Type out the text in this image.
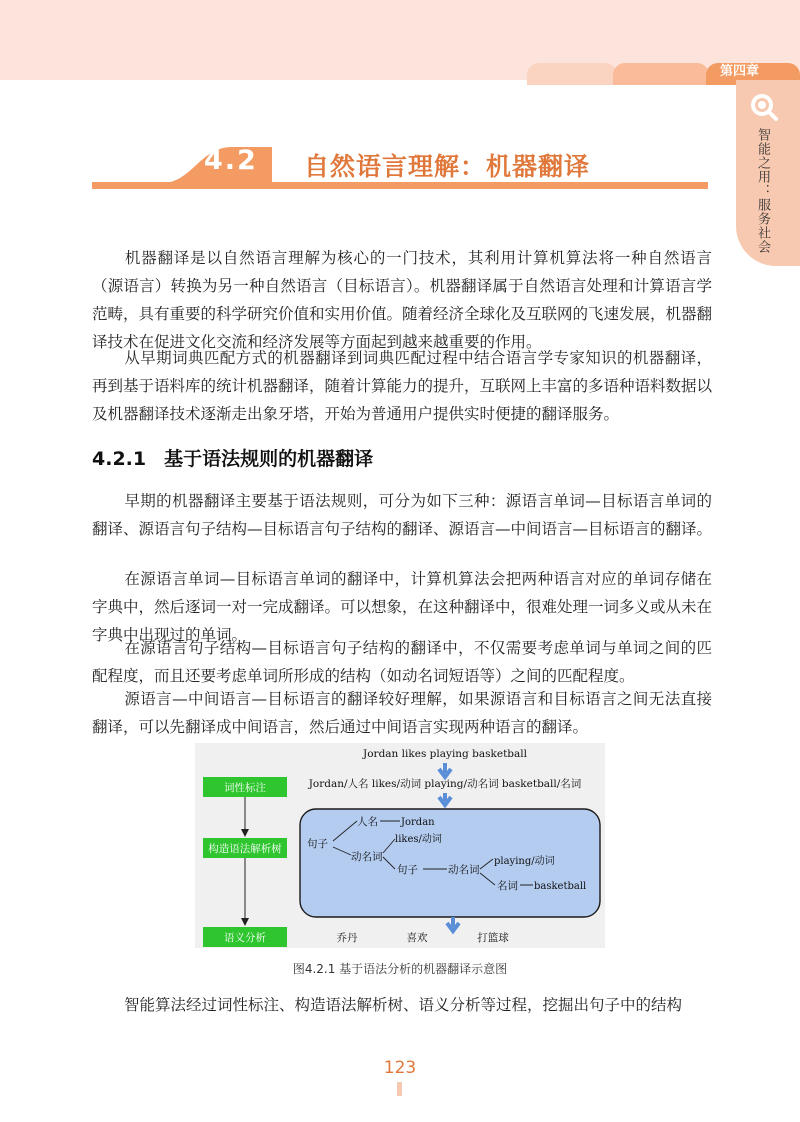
第四章
智能之用：服务社会
4.2 自然语言理解：机器翻译

机器翻译是以自然语言理解为核心的一门技术，其利用计算机算法将一种自然语言（源语言）转换为另一种自然语言（目标语言）。机器翻译属于自然语言处理和计算语言学范畴，具有重要的科学研究价值和实用价值。随着经济全球化及互联网的飞速发展，机器翻译技术在促进文化交流和经济发展等方面起到越来越重要的作用。

从早期词典匹配方式的机器翻译到词典匹配过程中结合语言学专家知识的机器翻译，再到基于语料库的统计机器翻译，随着计算能力的提升，互联网上丰富的多语种语料数据以及机器翻译技术逐渐走出象牙塔，开始为普通用户提供实时便捷的翻译服务。

4.2.1 基于语法规则的机器翻译

早期的机器翻译主要基于语法规则，可分为如下三种：源语言单词—目标语言单词的翻译、源语言句子结构—目标语言句子结构的翻译、源语言—中间语言—目标语言的翻译。

在源语言单词—目标语言单词的翻译中，计算机算法会把两种语言对应的单词存储在字典中，然后逐词一对一完成翻译。可以想象，在这种翻译中，很难处理一词多义或从未在字典中出现过的单词。

在源语言句子结构—目标语言句子结构的翻译中，不仅需要考虑单词与单词之间的匹配程度，而且还要考虑单词所形成的结构（如动名词短语等）之间的匹配程度。

源语言—中间语言—目标语言的翻译较好理解，如果源语言和目标语言之间无法直接翻译，可以先翻译成中间语言，然后通过中间语言实现两种语言的翻译。

Jordan likes playing basketball
Jordan/人名 likes/动词 playing/动名词 basketball/名词
词性标注
构造语法解析树
语义分析
句子
人名 Jordan
动名词
likes/动词
句子	动名词
playing/动词
名词 basketball
乔丹	喜欢	打篮球
图4.2.1 基于语法分析的机器翻译示意图

智能算法经过词性标注、构造语法解析树、语义分析等过程，挖掘出句子中的结构

123
